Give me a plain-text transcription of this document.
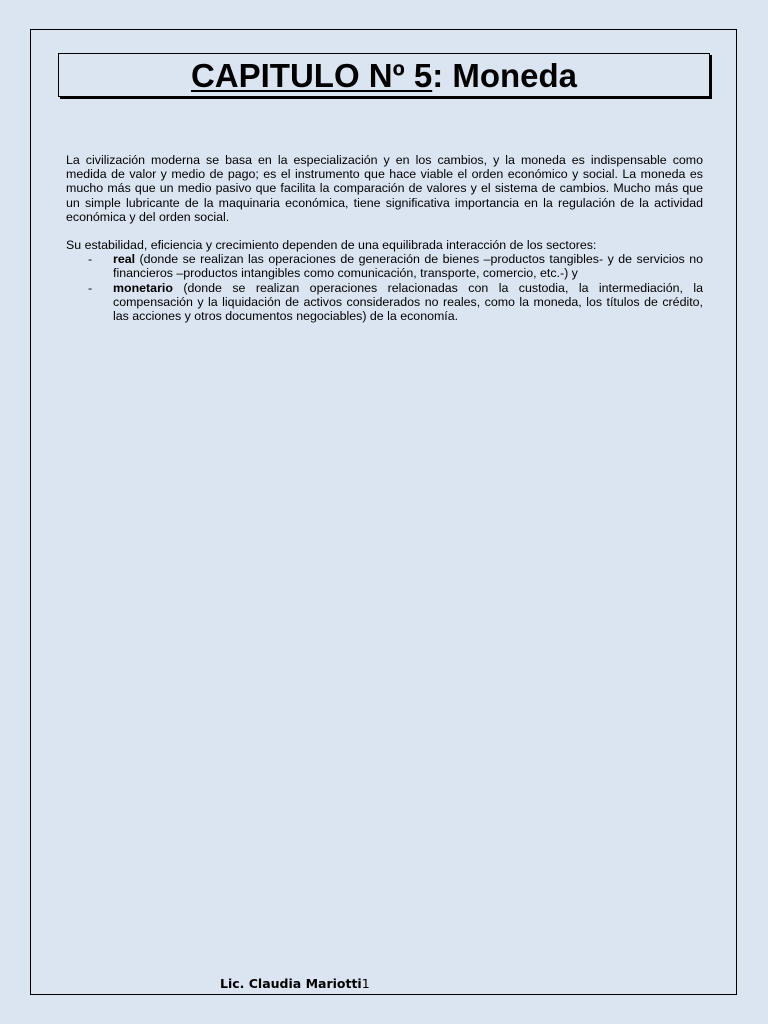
CAPITULO Nº 5: Moneda

La civilización moderna se basa en la especialización y en los cambios, y la moneda es indispensable como medida de valor y medio de pago; es el instrumento que hace viable el orden económico y social. La moneda es mucho más que un medio pasivo que facilita la comparación de valores y el sistema de cambios. Mucho más que un simple lubricante de la maquinaria económica, tiene significativa importancia en la regulación de la actividad económica y del orden social.

Su estabilidad, eficiencia y crecimiento dependen de una equilibrada interacción de los sectores:

- real (donde se realizan las operaciones de generación de bienes –productos tangibles- y de servicios no financieros –productos intangibles como comunicación, transporte, comercio, etc.-) y
- monetario (donde se realizan operaciones relacionadas con la custodia, la intermediación, la compensación y la liquidación de activos considerados no reales, como la moneda, los títulos de crédito, las acciones y otros documentos negociables) de la economía.
Lic. Claudia Mariotti1
